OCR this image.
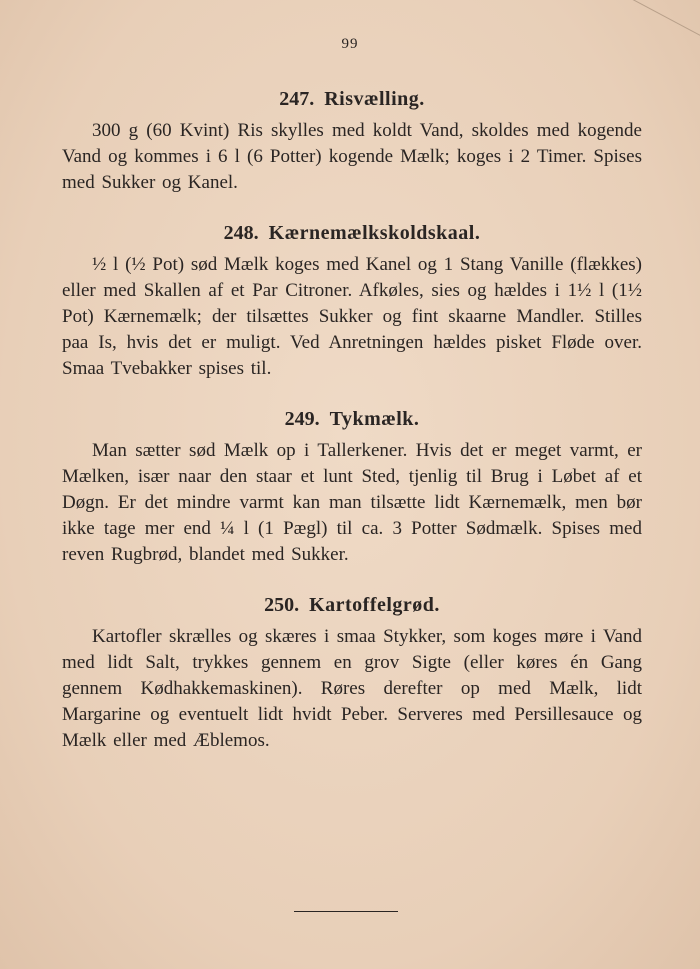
99
247. Risvælling.

300 g (60 Kvint) Ris skylles med koldt Vand, skoldes med kogende Vand og kommes i 6 l (6 Potter) kogende Mælk; koges i 2 Timer. Spises med Sukker og Kanel.

248. Kærnemælkskoldskaal.

½ l (½ Pot) sød Mælk koges med Kanel og 1 Stang Vanille (flækkes) eller med Skallen af et Par Citroner. Afkøles, sies og hældes i 1½ l (1½ Pot) Kærnemælk; der tilsættes Sukker og fint skaarne Mandler. Stilles paa Is, hvis det er muligt. Ved Anretningen hældes pisket Fløde over. Smaa Tvebakker spises til.

249. Tykmælk.

Man sætter sød Mælk op i Tallerkener. Hvis det er meget varmt, er Mælken, især naar den staar et lunt Sted, tjenlig til Brug i Løbet af et Døgn. Er det mindre varmt kan man tilsætte lidt Kærnemælk, men bør ikke tage mer end ¼ l (1 Pægl) til ca. 3 Potter Sødmælk. Spises med reven Rugbrød, blandet med Sukker.

250. Kartoffelgrød.

Kartofler skrælles og skæres i smaa Stykker, som koges møre i Vand med lidt Salt, trykkes gennem en grov Sigte (eller køres én Gang gennem Kødhakkemaskinen). Røres derefter op med Mælk, lidt Margarine og eventuelt lidt hvidt Peber. Serveres med Persillesauce og Mælk eller med Æblemos.
